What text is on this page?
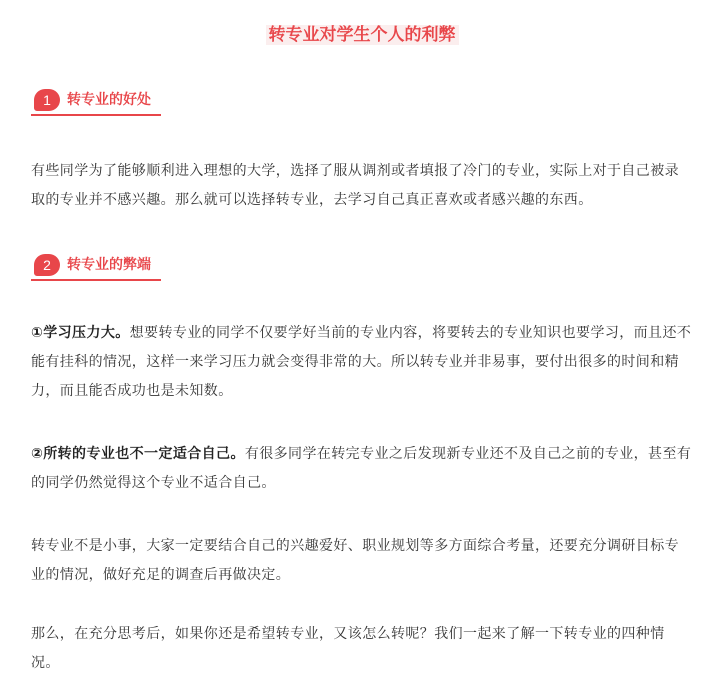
转专业对学生个人的利弊
1	转专业的好处
有些同学为了能够顺利进入理想的大学，选择了服从调剂或者填报了冷门的专业，实际上对于自己被录取的专业并不感兴趣。那么就可以选择转专业，去学习自己真正喜欢或者感兴趣的东西。
2	转专业的弊端
①学习压力大。想要转专业的同学不仅要学好当前的专业内容，将要转去的专业知识也要学习，而且还不能有挂科的情况，这样一来学习压力就会变得非常的大。所以转专业并非易事，要付出很多的时间和精力，而且能否成功也是未知数。
②所转的专业也不一定适合自己。有很多同学在转完专业之后发现新专业还不及自己之前的专业，甚至有的同学仍然觉得这个专业不适合自己。
转专业不是小事，大家一定要结合自己的兴趣爱好、职业规划等多方面综合考量，还要充分调研目标专业的情况，做好充足的调查后再做决定。
那么，在充分思考后，如果你还是希望转专业，又该怎么转呢？我们一起来了解一下转专业的四种情况。
